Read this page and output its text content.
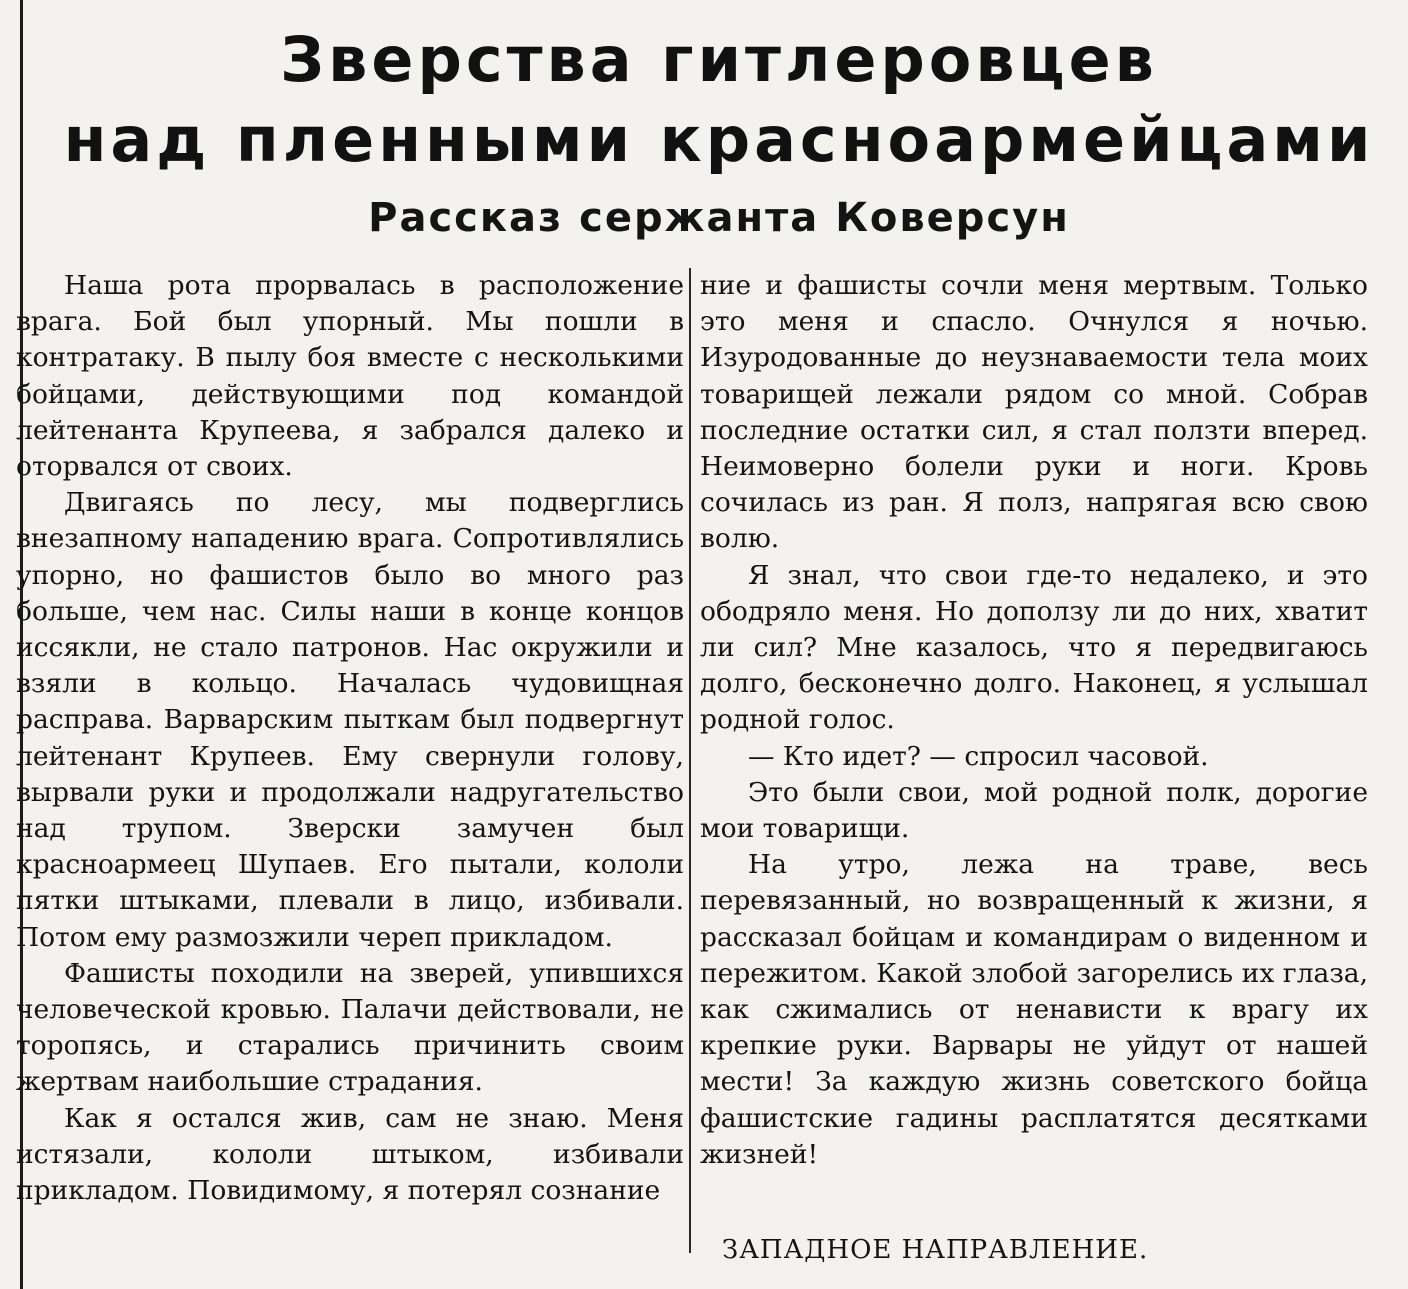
Зверства гитлеровцев
над пленными красноармейцами
Рассказ сержанта Коверсун

Наша рота прорвалась в расположение врага. Бой был упорный. Мы пошли в контратаку. В пылу боя вместе с несколькими бойцами, действующими под командой лейтенанта Крупеева, я забрался далеко и оторвался от своих.

Двигаясь по лесу, мы подверглись внезапному нападению врага. Сопротивлялись упорно, но фашистов было во много раз больше, чем нас. Силы наши в конце концов иссякли, не стало патронов. Нас окружили и взяли в кольцо. Началась чудовищная расправа. Варварским пыткам был подвергнут лейтенант Крупеев. Ему свернули голову, вырвали руки и продолжали надругательство над трупом. Зверски замучен был красноармеец Шупаев. Его пытали, кололи пятки штыками, плевали в лицо, избивали. Потом ему размозжили череп прикладом.

Фашисты походили на зверей, упившихся человеческой кровью. Палачи действовали, не торопясь, и старались причинить своим жертвам наибольшие страдания.

Как я остался жив, сам не знаю. Меня истязали, кололи штыком, избивали прикладом. Повидимому, я потерял сознание

ние и фашисты сочли меня мертвым. Только это меня и спасло. Очнулся я ночью. Изуродованные до неузнаваемости тела моих товарищей лежали рядом со мной. Собрав последние остатки сил, я стал ползти вперед. Неимоверно болели руки и ноги. Кровь сочилась из ран. Я полз, напрягая всю свою волю.

Я знал, что свои где-то недалеко, и это ободряло меня. Но доползу ли до них, хватит ли сил? Мне казалось, что я передвигаюсь долго, бесконечно долго. Наконец, я услышал родной голос.

— Кто идет? — спросил часовой.

Это были свои, мой родной полк, дорогие мои товарищи.

На утро, лежа на траве, весь перевязанный, но возвращенный к жизни, я рассказал бойцам и командирам о виденном и пережитом. Какой злобой загорелись их глаза, как сжимались от ненависти к врагу их крепкие руки. Варвары не уйдут от нашей мести! За каждую жизнь советского бойца фашистские гадины расплатятся десятками жизней!

ЗАПАДНОЕ НАПРАВЛЕНИЕ.
